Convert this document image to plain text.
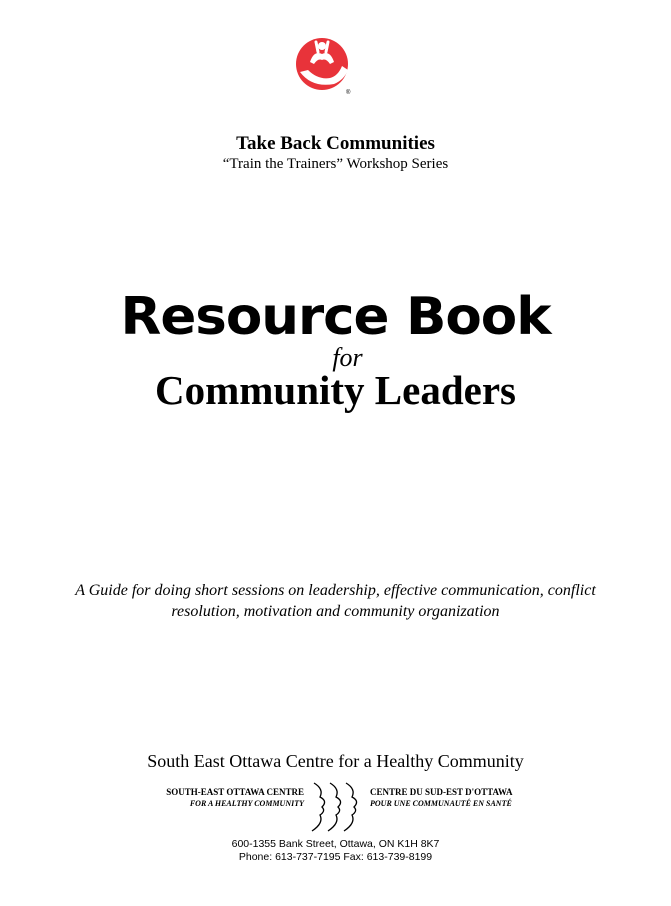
®
Take Back Communities
“Train the Trainers” Workshop Series
Resource Book
for
Community Leaders
A Guide for doing short sessions on leadership, effective communication, conflict resolution, motivation and community organization
South East Ottawa Centre for a Healthy Community
SOUTH-EAST OTTAWA CENTRE
FOR A HEALTHY COMMUNITY
CENTRE DU SUD-EST D'OTTAWA
POUR UNE COMMUNAUTÉ EN SANTÉ
600-1355 Bank Street, Ottawa, ON K1H 8K7
Phone: 613-737-7195 Fax: 613-739-8199
